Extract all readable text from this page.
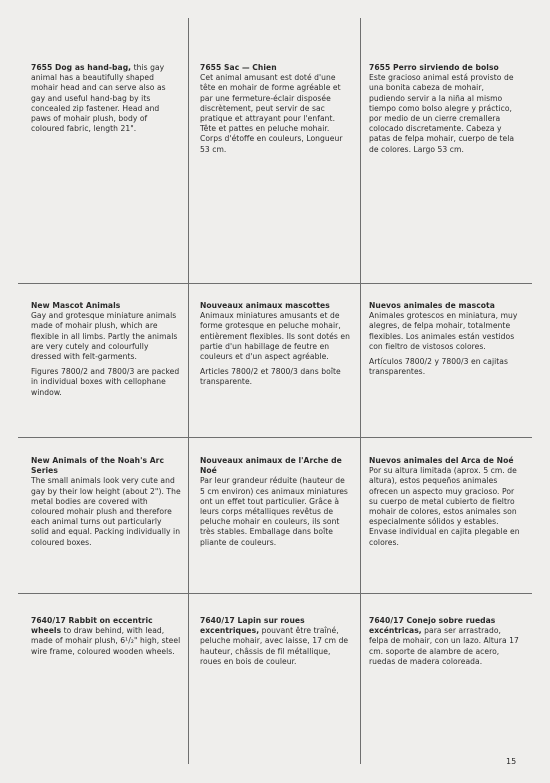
7655 Dog as hand-bag, this gay animal has a beautifully shaped mohair head and can serve also as gay and useful hand-bag by its concealed zip fastener. Head and paws of mohair plush, body of coloured fabric, length 21".

7655 Sac — Chien

Cet animal amusant est doté d'une tête en mohair de forme agréable et par une fermeture-éclair disposée discrètement, peut servir de sac pratique et attrayant pour l'enfant. Tête et pattes en peluche mohair. Corps d'étoffe en couleurs, Longueur 53 cm.

7655 Perro sirviendo de bolso

Este gracioso animal está provisto de una bonita cabeza de mohair, pudiendo servir a la niña al mismo tiempo como bolso alegre y práctico, por medio de un cierre cremallera colocado discretamente. Cabeza y patas de felpa mohair, cuerpo de tela de colores. Largo 53 cm.

New Mascot Animals

Gay and grotesque miniature animals made of mohair plush, which are flexible in all limbs. Partly the animals are very cutely and colourfully dressed with felt-garments.

Figures 7800/2 and 7800/3 are packed in individual boxes with cellophane window.

Nouveaux animaux mascottes

Animaux miniatures amusants et de forme grotesque en peluche mohair, entièrement flexibles. Ils sont dotés en partie d'un habillage de feutre en couleurs et d'un aspect agréable.

Articles 7800/2 et 7800/3 dans boîte transparente.

Nuevos animales de mascota

Animales grotescos en miniatura, muy alegres, de felpa mohair, totalmente flexibles. Los animales están vestidos con fieltro de vistosos colores.

Artículos 7800/2 y 7800/3 en cajitas transparentes.

New Animals of the Noah's Arc Series

The small animals look very cute and gay by their low height (about 2"). The metal bodies are covered with coloured mohair plush and therefore each animal turns out particularly solid and equal. Packing individually in coloured boxes.

Nouveaux animaux de l'Arche de Noé

Par leur grandeur réduite (hauteur de 5 cm environ) ces animaux miniatures ont un effet tout particulier. Grâce à leurs corps métalliques revêtus de peluche mohair en couleurs, ils sont très stables. Emballage dans boîte pliante de couleurs.

Nuevos animales del Arca de Noé

Por su altura limitada (aprox. 5 cm. de altura), estos pequeños animales ofrecen un aspecto muy gracioso. Por su cuerpo de metal cubierto de fieltro mohair de colores, estos animales son especialmente sólidos y estables. Envase individual en cajita plegable en colores.

7640/17 Rabbit on eccentric wheels to draw behind, with lead, made of mohair plush, 6¹/₂" high, steel wire frame, coloured wooden wheels.

7640/17 Lapin sur roues excentriques, pouvant être traîné, peluche mohair, avec laisse, 17 cm de hauteur, châssis de fil métallique, roues en bois de couleur.

7640/17 Conejo sobre ruedas excéntricas, para ser arrastrado, felpa de mohair, con un lazo. Altura 17 cm. soporte de alambre de acero, ruedas de madera coloreada.

15
